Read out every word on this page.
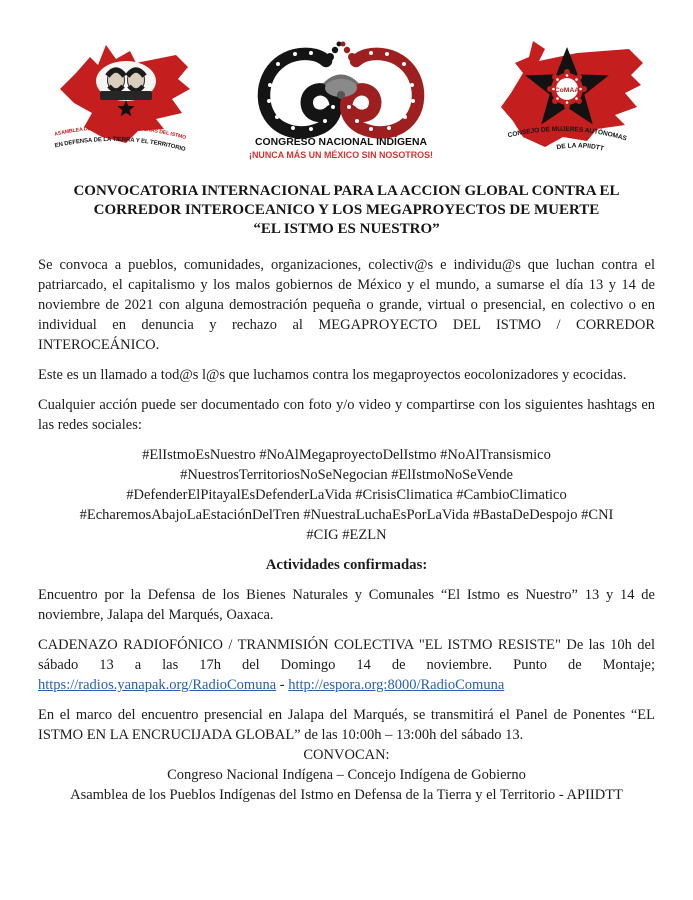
ASAMBLEA DE LOS PUEBLOS INDÍGENAS DEL ISTMO
EN DEFENSA DE LA TIERRA Y EL TERRITORIO
CONGRESO NACIONAL INDÍGENA
¡NUNCA MÁS UN MÉXICO SIN NOSOTROS!
CoMAA
CONSEJO DE MUJERES AUTÓNOMAS
DE LA APIIDTT
CONVOCATORIA INTERNACIONAL PARA LA ACCION GLOBAL CONTRA EL
CORREDOR INTEROCEANICO Y LOS MEGAPROYECTOS DE MUERTE
“EL ISTMO ES NUESTRO”

Se convoca a pueblos, comunidades, organizaciones, colectiv@s e individu@s que luchan contra el patriarcado, el capitalismo y los malos gobiernos de México y el mundo, a sumarse el día 13 y 14 de noviembre de 2021 con alguna demostración pequeña o grande, virtual o presencial, en colectivo o en individual en denuncia y rechazo al MEGAPROYECTO DEL ISTMO / CORREDOR INTEROCEÁNICO.

Este es un llamado a tod@s l@s que luchamos contra los megaproyectos eocolonizadores y ecocidas.

Cualquier acción puede ser documentado con foto y/o video y compartirse con los siguientes hashtags en las redes sociales:

#ElIstmoEsNuestro #NoAlMegaproyectoDelIstmo #NoAlTransismico
#NuestrosTerritoriosNoSeNegocian #ElIstmoNoSeVende
#DefenderElPitayalEsDefenderLaVida #CrisisClimatica #CambioClimatico
#EcharemosAbajoLaEstaciónDelTren #NuestraLuchaEsPorLaVida #BastaDeDespojo #CNI
#CIG #EZLN
Actividades confirmadas:

Encuentro por la Defensa de los Bienes Naturales y Comunales “El Istmo es Nuestro” 13 y 14 de noviembre, Jalapa del Marqués, Oaxaca.

CADENAZO RADIOFÓNICO / TRANMISIÓN COLECTIVA "EL ISTMO RESISTE" De las 10h del sábado 13 a las 17h del Domingo 14 de noviembre. Punto de Montaje; https://radios.yanapak.org/RadioComuna - http://espora.org:8000/RadioComuna

En el marco del encuentro presencial en Jalapa del Marqués, se transmitirá el Panel de Ponentes “EL ISTMO EN LA ENCRUCIJADA GLOBAL” de las 10:00h – 13:00h del sábado 13.

CONVOCAN:
Congreso Nacional Indígena – Concejo Indígena de Gobierno
Asamblea de los Pueblos Indígenas del Istmo en Defensa de la Tierra y el Territorio - APIIDTT
